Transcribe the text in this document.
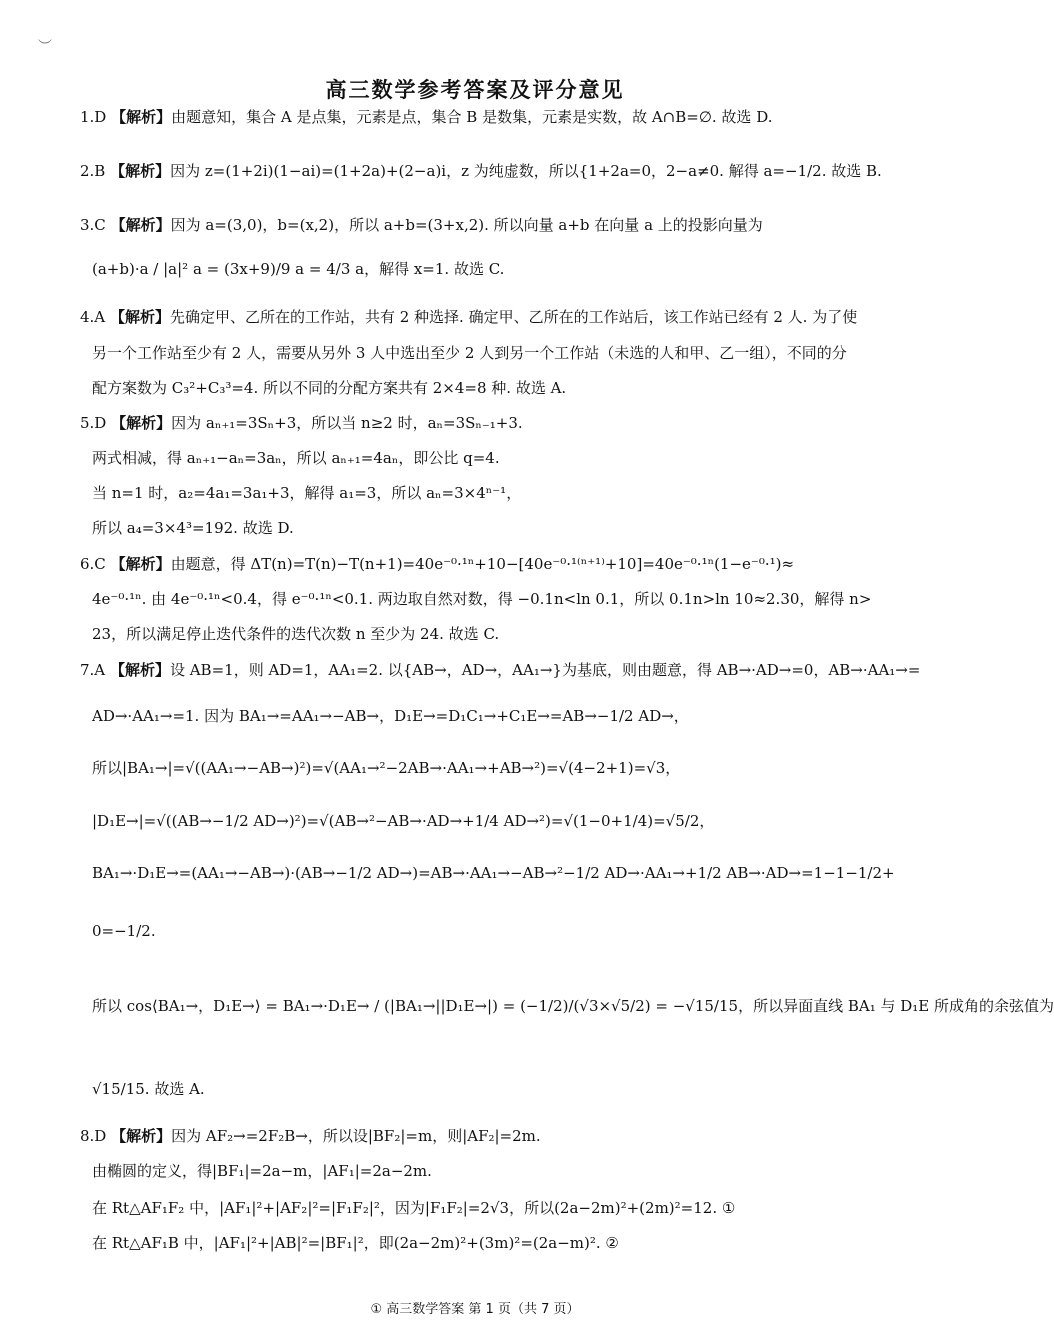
︶
高三数学参考答案及评分意见
1.D 【解析】由题意知，集合 A 是点集，元素是点，集合 B 是数集，元素是实数，故 A∩B=∅. 故选 D.
2.B 【解析】因为 z=(1+2i)(1−ai)=(1+2a)+(2−a)i，z 为纯虚数，所以{1+2a=0，2−a≠0. 解得 a=−1/2. 故选 B.
3.C 【解析】因为 a=(3,0)，b=(x,2)，所以 a+b=(3+x,2). 所以向量 a+b 在向量 a 上的投影向量为
(a+b)·a / |a|² a = (3x+9)/9 a = 4/3 a，解得 x=1. 故选 C.
4.A 【解析】先确定甲、乙所在的工作站，共有 2 种选择. 确定甲、乙所在的工作站后，该工作站已经有 2 人. 为了使
另一个工作站至少有 2 人，需要从另外 3 人中选出至少 2 人到另一个工作站（未选的人和甲、乙一组），不同的分
配方案数为 C₃²+C₃³=4. 所以不同的分配方案共有 2×4=8 种. 故选 A.
5.D 【解析】因为 aₙ₊₁=3Sₙ+3，所以当 n≥2 时，aₙ=3Sₙ₋₁+3.
两式相减，得 aₙ₊₁−aₙ=3aₙ，所以 aₙ₊₁=4aₙ，即公比 q=4.
当 n=1 时，a₂=4a₁=3a₁+3，解得 a₁=3，所以 aₙ=3×4ⁿ⁻¹，
所以 a₄=3×4³=192. 故选 D.
6.C 【解析】由题意，得 ΔT(n)=T(n)−T(n+1)=40e⁻⁰·¹ⁿ+10−[40e⁻⁰·¹⁽ⁿ⁺¹⁾+10]=40e⁻⁰·¹ⁿ(1−e⁻⁰·¹)≈
4e⁻⁰·¹ⁿ. 由 4e⁻⁰·¹ⁿ<0.4，得 e⁻⁰·¹ⁿ<0.1. 两边取自然对数，得 −0.1n<ln 0.1，所以 0.1n>ln 10≈2.30，解得 n>
23，所以满足停止迭代条件的迭代次数 n 至少为 24. 故选 C.
7.A 【解析】设 AB=1，则 AD=1，AA₁=2. 以{AB→，AD→，AA₁→}为基底，则由题意，得 AB→·AD→=0，AB→·AA₁→=
AD→·AA₁→=1. 因为 BA₁→=AA₁→−AB→，D₁E→=D₁C₁→+C₁E→=AB→−1/2 AD→，
所以|BA₁→|=√((AA₁→−AB→)²)=√(AA₁→²−2AB→·AA₁→+AB→²)=√(4−2+1)=√3，
|D₁E→|=√((AB→−1/2 AD→)²)=√(AB→²−AB→·AD→+1/4 AD→²)=√(1−0+1/4)=√5/2，
BA₁→·D₁E→=(AA₁→−AB→)·(AB→−1/2 AD→)=AB→·AA₁→−AB→²−1/2 AD→·AA₁→+1/2 AB→·AD→=1−1−1/2+
0=−1/2.
所以 cos⟨BA₁→，D₁E→⟩ = BA₁→·D₁E→ / (|BA₁→||D₁E→|) = (−1/2)/(√3×√5/2) = −√15/15，所以异面直线 BA₁ 与 D₁E 所成角的余弦值为
√15/15. 故选 A.
8.D 【解析】因为 AF₂→=2F₂B→，所以设|BF₂|=m，则|AF₂|=2m.
由椭圆的定义，得|BF₁|=2a−m，|AF₁|=2a−2m.
在 Rt△AF₁F₂ 中，|AF₁|²+|AF₂|²=|F₁F₂|²，因为|F₁F₂|=2√3，所以(2a−2m)²+(2m)²=12. ①
在 Rt△AF₁B 中，|AF₁|²+|AB|²=|BF₁|²，即(2a−2m)²+(3m)²=(2a−m)². ②
① 高三数学答案 第 1 页（共 7 页）
